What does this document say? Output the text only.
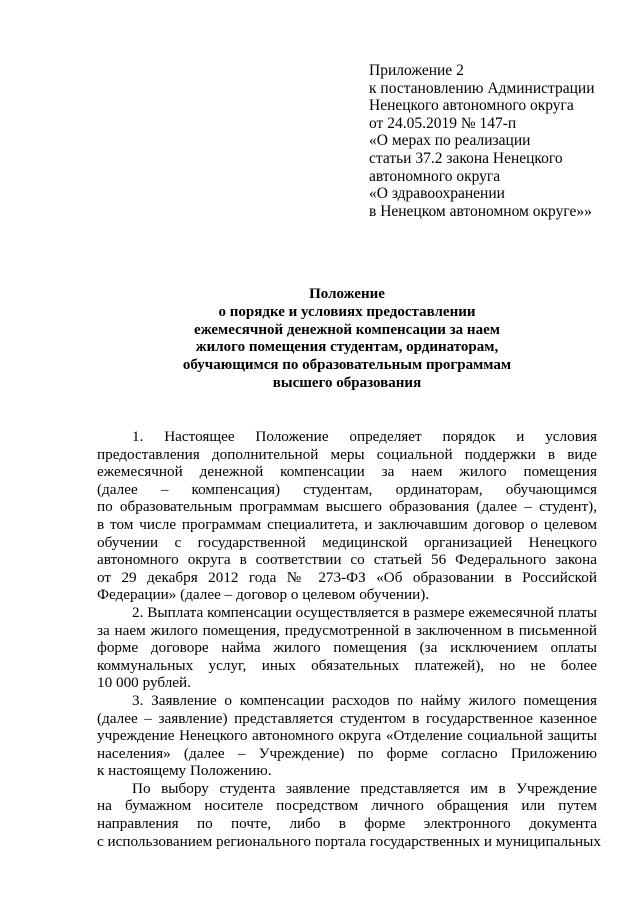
Приложение 2
к постановлению Администрации
Ненецкого автономного округа
от 24.05.2019 № 147-п
«О мерах по реализации
статьи 37.2 закона Ненецкого
автономного округа
«О здравоохранении
в Ненецком автономном округе»»
Положение
о порядке и условиях предоставлении
ежемесячной денежной компенсации за наем
жилого помещения студентам, ординаторам,
обучающимся по образовательным программам
высшего образования
1. Настоящее Положение определяет порядок и условия
предоставления дополнительной меры социальной поддержки в виде
ежемесячной денежной компенсации за наем жилого помещения
(далее – компенсация) студентам, ординаторам, обучающимся
по образовательным программам высшего образования (далее – студент),
в том числе программам специалитета, и заключавшим договор о целевом
обучении с государственной медицинской организацией Ненецкого
автономного округа в соответствии со статьей 56 Федерального закона
от 29 декабря 2012 года № 273-ФЗ «Об образовании в Российской
Федерации» (далее – договор о целевом обучении).
2. Выплата компенсации осуществляется в размере ежемесячной платы
за наем жилого помещения, предусмотренной в заключенном в письменной
форме договоре найма жилого помещения (за исключением оплаты
коммунальных услуг, иных обязательных платежей), но не более
10 000 рублей.
3. Заявление о компенсации расходов по найму жилого помещения
(далее – заявление) представляется студентом в государственное казенное
учреждение Ненецкого автономного округа «Отделение социальной защиты
населения» (далее – Учреждение) по форме согласно Приложению
к настоящему Положению.
По выбору студента заявление представляется им в Учреждение
на бумажном носителе посредством личного обращения или путем
направления по почте, либо в форме электронного документа
с использованием регионального портала государственных и муниципальных
